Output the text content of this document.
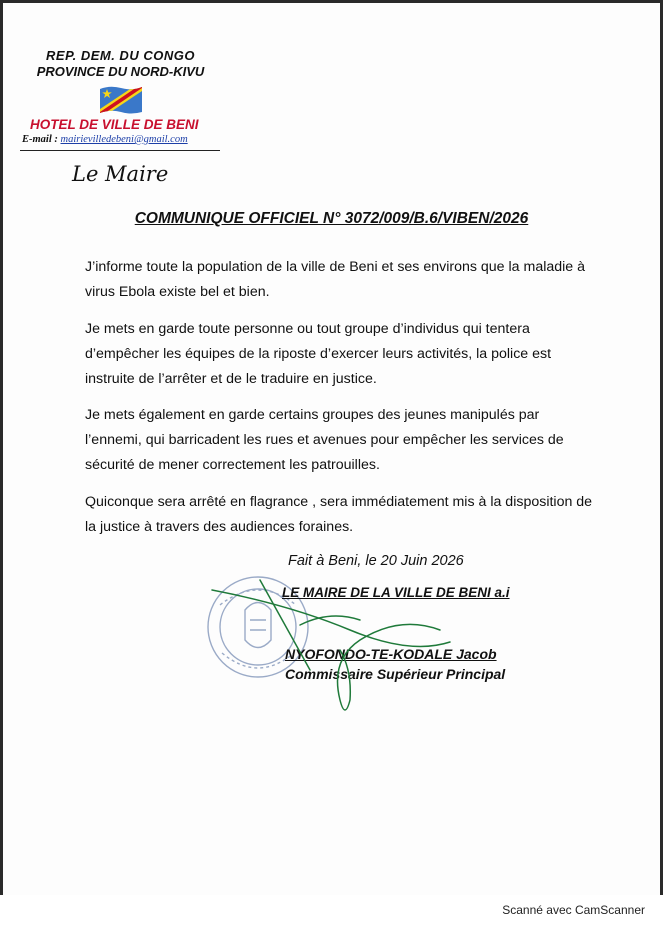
REP. DEM. DU CONGO
PROVINCE DU NORD-KIVU
HOTEL DE VILLE DE BENI
E-mail : mairievilledebeni@gmail.com
Le Maire
COMMUNIQUE OFFICIEL N° 3072/009/B.6/VIBEN/2026

J’informe toute la population de la ville de Beni et ses environs que la maladie à virus Ebola existe bel et bien.

Je mets en garde toute personne ou tout groupe d’individus qui tentera d’empêcher les équipes de la riposte d’exercer leurs activités, la police est instruite de l’arrêter et de le traduire en justice.

Je mets également en garde certains groupes des jeunes manipulés par l’ennemi, qui barricadent les rues et avenues pour empêcher les services de sécurité de mener correctement les patrouilles.

Quiconque sera arrêté en flagrance , sera immédiatement mis à la disposition de la justice à travers des audiences foraines.

Fait à Beni, le 20 Juin 2026
LE MAIRE DE LA VILLE DE BENI a.i
NYOFONDO-TE-KODALE Jacob
Commissaire Supérieur Principal
Scanné avec CamScanner
